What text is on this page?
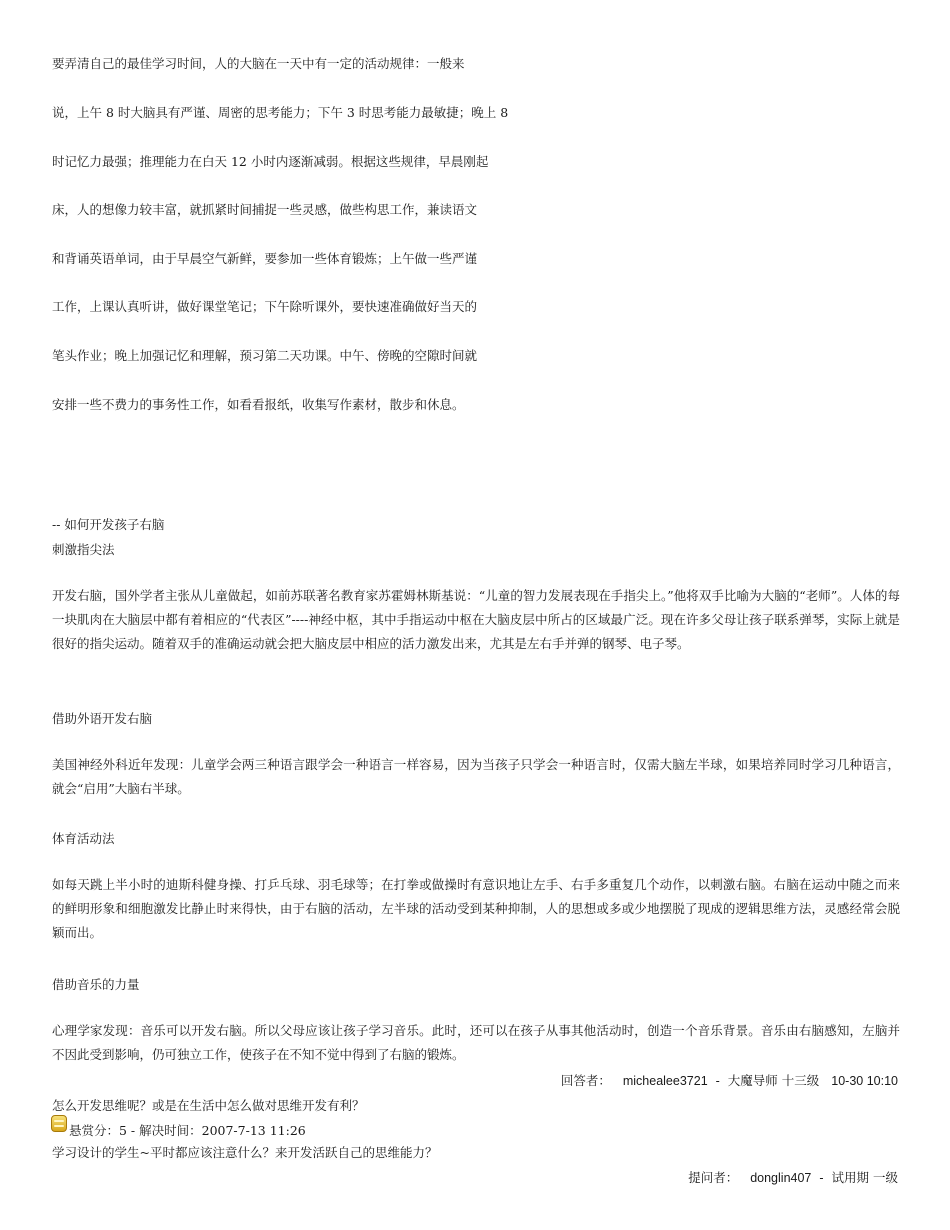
要弄清自己的最佳学习时间，人的大脑在一天中有一定的活动规律：一般来
说，上午 8 时大脑具有严谨、周密的思考能力；下午 3 时思考能力最敏捷；晚上 8
时记忆力最强；推理能力在白天 12 小时内逐渐减弱。根据这些规律，早晨刚起
床，人的想像力较丰富，就抓紧时间捕捉一些灵感，做些构思工作，兼读语文
和背诵英语单词，由于早晨空气新鲜，要参加一些体育锻炼；上午做一些严谨
工作，上课认真听讲，做好课堂笔记；下午除听课外，要快速准确做好当天的
笔头作业；晚上加强记忆和理解，预习第二天功课。中午、傍晚的空隙时间就
安排一些不费力的事务性工作，如看看报纸，收集写作素材，散步和休息。
-- 如何开发孩子右脑
刺激指尖法
开发右脑，国外学者主张从儿童做起，如前苏联著名教育家苏霍姆林斯基说：“儿童的智力发展表现在手指尖上。”他将双手比喻为大脑的“老师”。人体的每一块肌肉在大脑层中都有着相应的“代表区”----神经中枢，其中手指运动中枢在大脑皮层中所占的区域最广泛。现在许多父母让孩子联系弹琴，实际上就是很好的指尖运动。随着双手的准确运动就会把大脑皮层中相应的活力激发出来，尤其是左右手并弹的钢琴、电子琴。
借助外语开发右脑
美国神经外科近年发现：儿童学会两三种语言跟学会一种语言一样容易，因为当孩子只学会一种语言时，仅需大脑左半球，如果培养同时学习几种语言，就会“启用”大脑右半球。
体育活动法
如每天跳上半小时的迪斯科健身操、打乒乓球、羽毛球等；在打拳或做操时有意识地让左手、右手多重复几个动作，以刺激右脑。右脑在运动中随之而来的鲜明形象和细胞激发比静止时来得快，由于右脑的活动，左半球的活动受到某种抑制，人的思想或多或少地摆脱了现成的逻辑思维方法，灵感经常会脱颖而出。
借助音乐的力量
心理学家发现：音乐可以开发右脑。所以父母应该让孩子学习音乐。此时，还可以在孩子从事其他活动时，创造一个音乐背景。音乐由右脑感知，左脑并不因此受到影响，仍可独立工作，使孩子在不知不觉中得到了右脑的锻炼。
回答者： michealee3721 - 大魔导师 十三级 10-30 10:10
怎么开发思维呢？或是在生活中怎么做对思维开发有利？
悬赏分：5 - 解决时间：2007-7-13 11:26
学习设计的学生~平时都应该注意什么？来开发活跃自己的思维能力？
提问者： donglin407 - 试用期 一级
